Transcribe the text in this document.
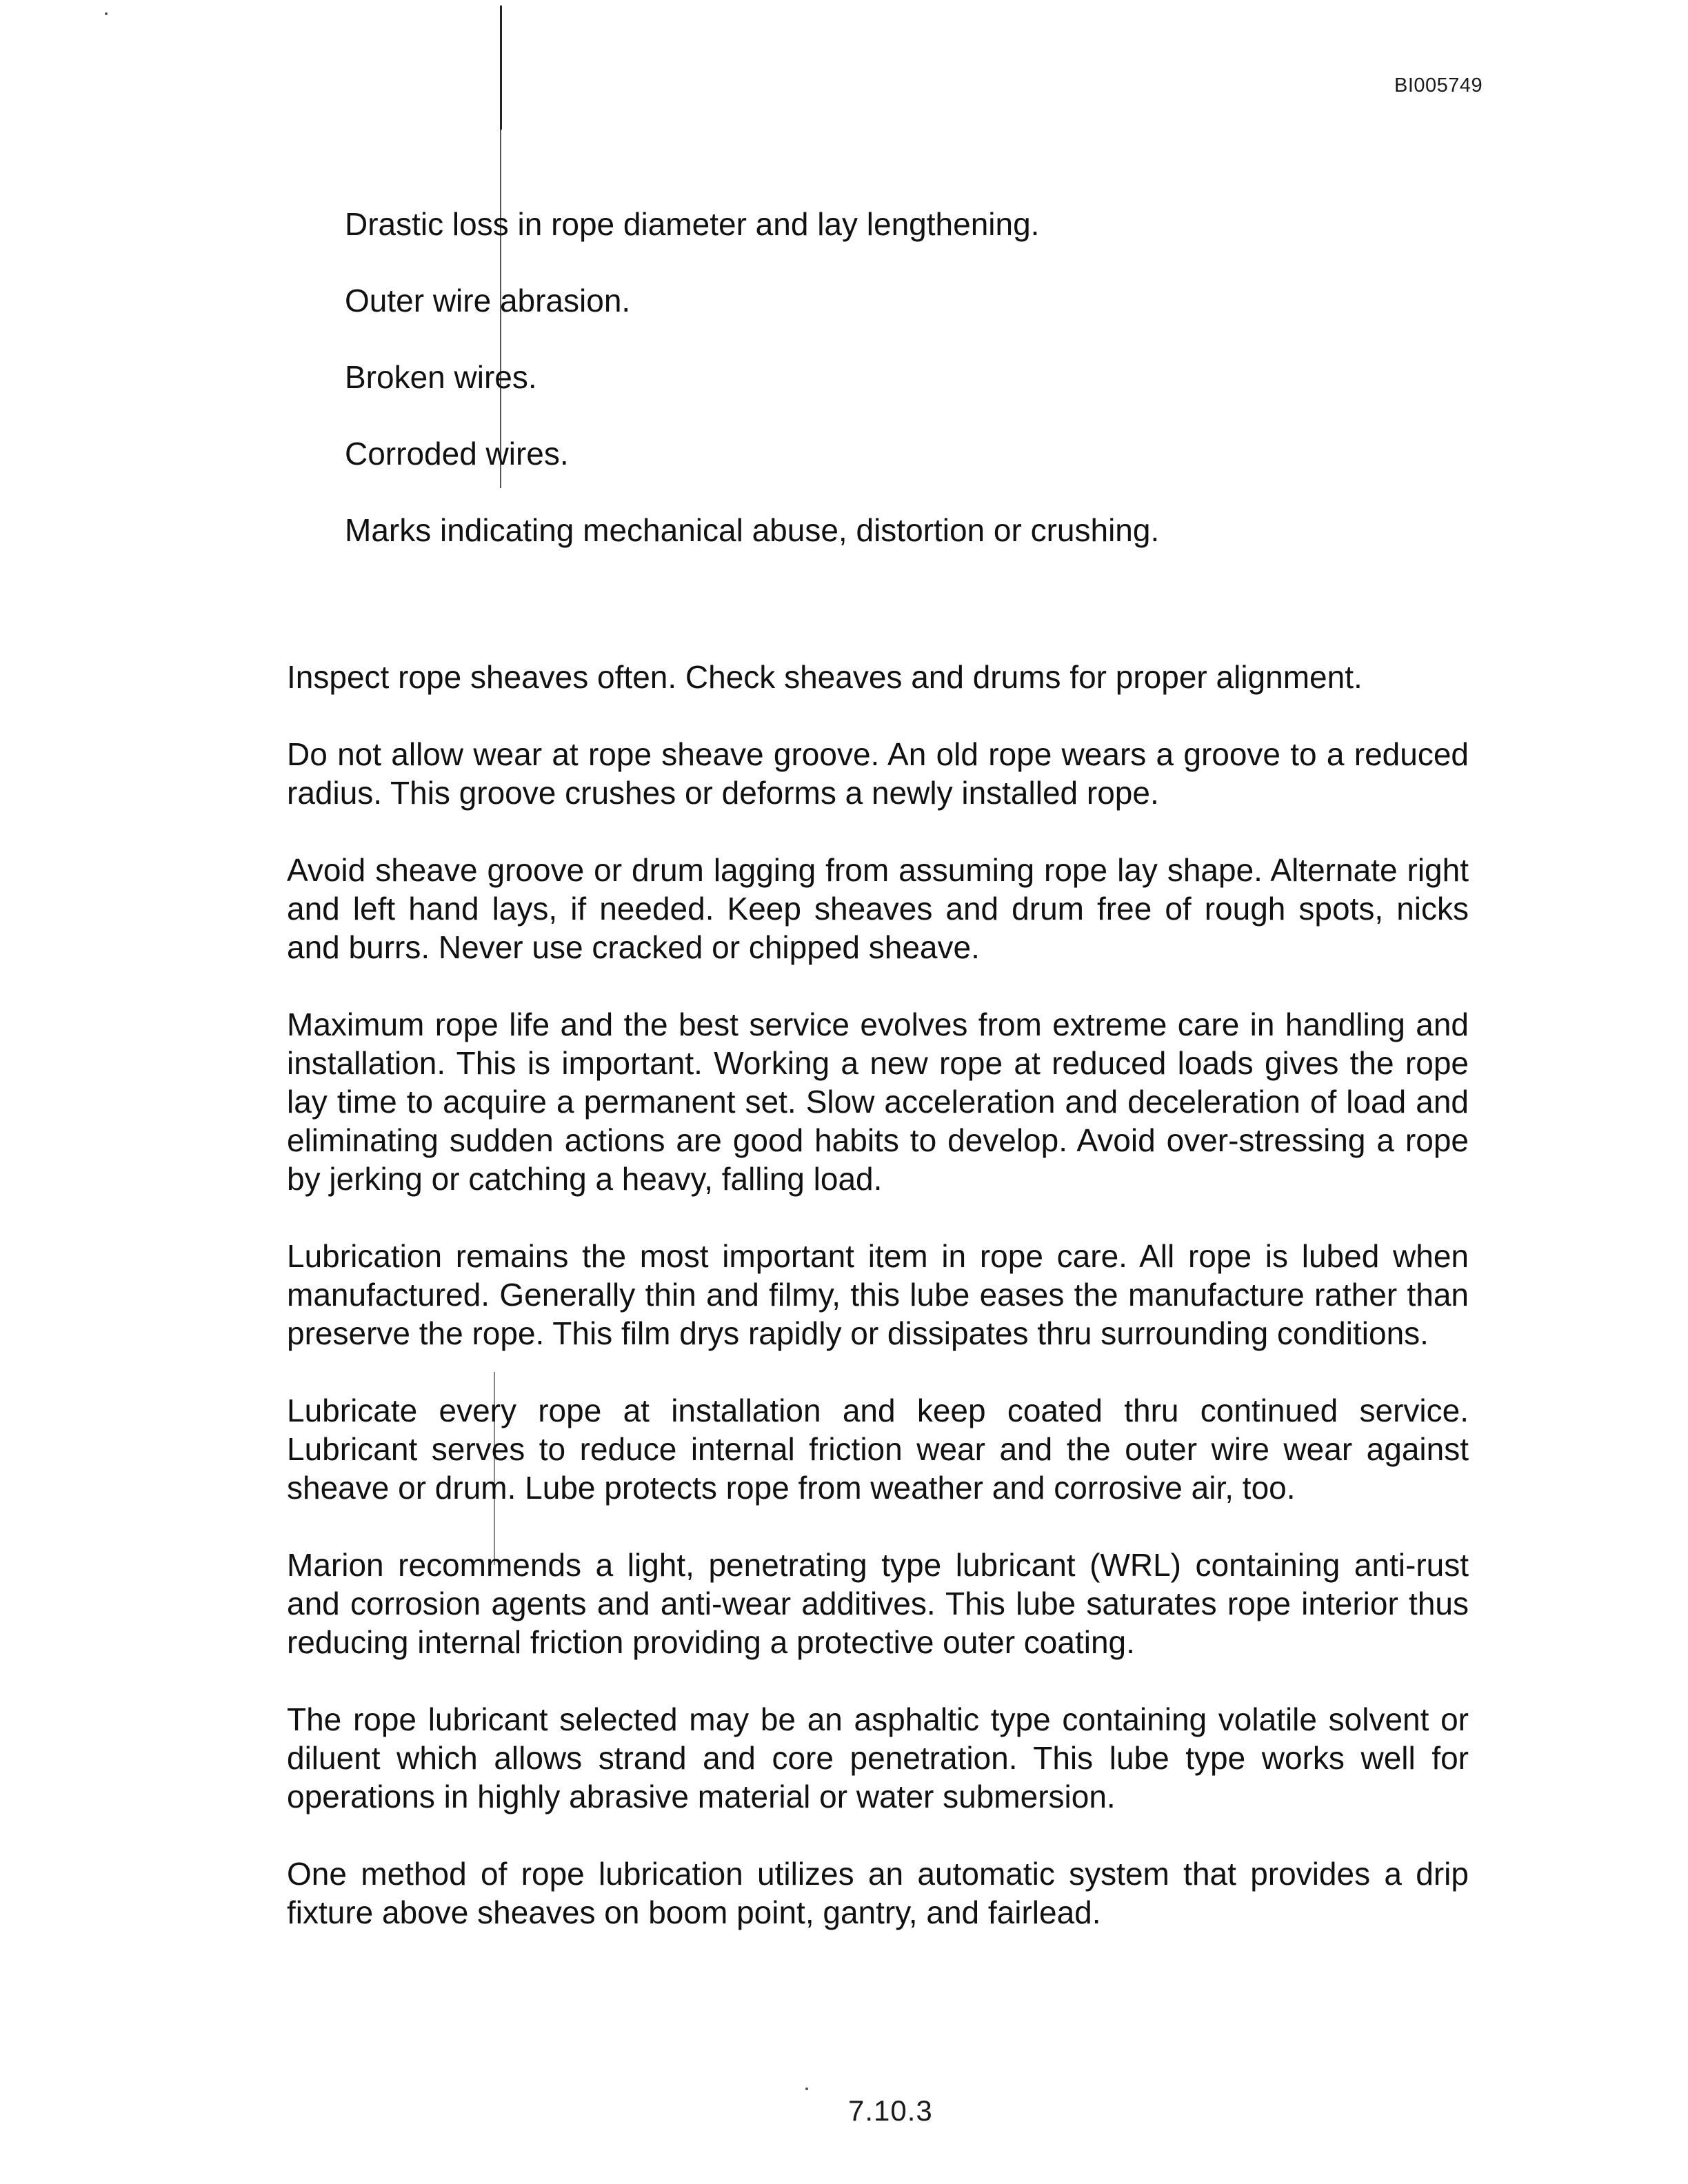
BI005749
Drastic loss in rope diameter and lay lengthening.
Outer wire abrasion.
Broken wires.
Corroded wires.
Marks indicating mechanical abuse, distortion or crushing.

Inspect rope sheaves often. Check sheaves and drums for proper alignment.

Do not allow wear at rope sheave groove. An old rope wears a groove to a reduced radius. This groove crushes or deforms a newly installed rope.

Avoid sheave groove or drum lagging from assuming rope lay shape. Alternate right and left hand lays, if needed. Keep sheaves and drum free of rough spots, nicks and burrs. Never use cracked or chipped sheave.

Maximum rope life and the best service evolves from extreme care in handling and installation. This is important. Working a new rope at reduced loads gives the rope lay time to acquire a permanent set. Slow acceleration and deceleration of load and eliminating sudden actions are good habits to develop. Avoid over-stressing a rope by jerking or catching a heavy, falling load.

Lubrication remains the most important item in rope care. All rope is lubed when manufactured. Generally thin and filmy, this lube eases the manufacture rather than preserve the rope. This film drys rapidly or dissipates thru surrounding conditions.

Lubricate every rope at installation and keep coated thru continued service. Lubricant serves to reduce internal friction wear and the outer wire wear against sheave or drum. Lube protects rope from weather and corrosive air, too.

Marion recommends a light, penetrating type lubricant (WRL) containing anti-rust and corrosion agents and anti-wear additives. This lube saturates rope interior thus reducing internal friction providing a protective outer coating.

The rope lubricant selected may be an asphaltic type containing volatile solvent or diluent which allows strand and core penetration. This lube type works well for operations in highly abrasive material or water submersion.

One method of rope lubrication utilizes an automatic system that provides a drip fixture above sheaves on boom point, gantry, and fairlead.

7.10.3
